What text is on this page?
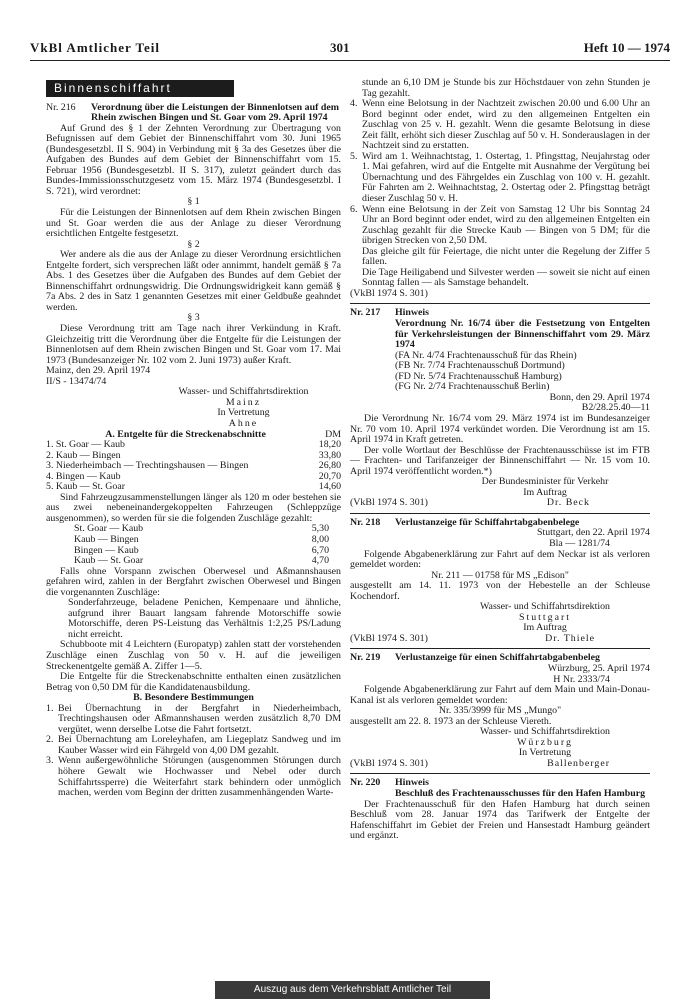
VkBl Amtlicher Teil	301	Heft 10 — 1974
Binnenschiffahrt
Nr. 216	Verordnung über die Leistungen der Binnenlotsen auf dem Rhein zwischen Bingen und St. Goar vom 29. April 1974

Auf Grund des § 1 der Zehnten Verordnung zur Übertragung von Befugnissen auf dem Gebiet der Binnenschiffahrt vom 30. Juni 1965 (Bundesgesetzbl. II S. 904) in Verbindung mit § 3a des Gesetzes über die Aufgaben des Bundes auf dem Gebiet der Binnenschiffahrt vom 15. Februar 1956 (Bundesgesetzbl. II S. 317), zuletzt geändert durch das Bundes-Immissionsschutzgesetz vom 15. März 1974 (Bundesgesetzbl. I S. 721), wird verordnet:

§ 1

Für die Leistungen der Binnenlotsen auf dem Rhein zwischen Bingen und St. Goar werden die aus der Anlage zu dieser Verordnung ersichtlichen Entgelte festgesetzt.

§ 2

Wer andere als die aus der Anlage zu dieser Verordnung ersichtlichen Entgelte fordert, sich versprechen läßt oder annimmt, handelt gemäß § 7a Abs. 1 des Gesetzes über die Aufgaben des Bundes auf dem Gebiet der Binnenschiffahrt ordnungswidrig. Die Ordnungswidrigkeit kann gemäß § 7a Abs. 2 des in Satz 1 genannten Gesetzes mit einer Geldbuße geahndet werden.

§ 3

Diese Verordnung tritt am Tage nach ihrer Verkündung in Kraft. Gleichzeitig tritt die Verordnung über die Entgelte für die Leistungen der Binnenlotsen auf dem Rhein zwischen Bingen und St. Goar vom 17. Mai 1973 (Bundesanzeiger Nr. 102 vom 2. Juni 1973) außer Kraft.

Mainz, den 29. April 1974

II/S - 13474/74

Wasser- und Schiffahrtsdirektion

Mainz

In Vertretung

Ahne

A. Entgelte für die Streckenabschnitte	DM
1. St. Goar — Kaub	18,20
2. Kaub — Bingen	33,80
3. Niederheimbach — Trechtingshausen — Bingen	26,80
4. Bingen — Kaub	20,70
5. Kaub — St. Goar	14,60

Sind Fahrzeugzusammenstellungen länger als 120 m oder bestehen sie aus zwei nebeneinandergekoppelten Fahrzeugen (Schleppzüge ausgenommen), so werden für sie die folgenden Zuschläge gezahlt:

St. Goar — Kaub	5,30
Kaub — Bingen	8,00
Bingen — Kaub	6,70
Kaub — St. Goar	4,70

Falls ohne Vorspann zwischen Oberwesel und Aßmannshausen gefahren wird, zahlen in der Bergfahrt zwischen Oberwesel und Bingen die vorgenannten Zuschläge:

Sonderfahrzeuge, beladene Penichen, Kempenaare und ähnliche, aufgrund ihrer Bauart langsam fahrende Motorschiffe sowie Motorschiffe, deren PS-Leistung das Verhältnis 1:2,25 PS/Ladung nicht erreicht.

Schubboote mit 4 Leichtern (Europatyp) zahlen statt der vorstehenden Zuschläge einen Zuschlag von 50 v. H. auf die jeweiligen Streckenentgelte gemäß A. Ziffer 1—5.

Die Entgelte für die Streckenabschnitte enthalten einen zusätzlichen Betrag von 0,50 DM für die Kandidatenausbildung.

B. Besondere Bestimmungen

1. Bei Übernachtung in der Bergfahrt in Niederheimbach, Trechtingshausen oder Aßmannshausen werden zusätzlich 8,70 DM vergütet, wenn derselbe Lotse die Fahrt fortsetzt.
2. Bei Übernachtung am Loreleyhafen, am Liegeplatz Sandweg und im Kauber Wasser wird ein Fährgeld von 4,00 DM gezahlt.
3. Wenn außergewöhnliche Störungen (ausgenommen Störungen durch höhere Gewalt wie Hochwasser und Nebel oder durch Schiffahrtssperre) die Weiterfahrt stark behindern oder unmöglich machen, werden vom Beginn der dritten zusammenhängenden Warte-

stunde an 6,10 DM je Stunde bis zur Höchstdauer von zehn Stunden je Tag gezahlt.

4. Wenn eine Belotsung in der Nachtzeit zwischen 20.00 und 6.00 Uhr an Bord beginnt oder endet, wird zu den allgemeinen Entgelten ein Zuschlag von 25 v. H. gezahlt. Wenn die gesamte Belotsung in diese Zeit fällt, erhöht sich dieser Zuschlag auf 50 v. H. Sonderauslagen in der Nachtzeit sind zu erstatten.
5. Wird am 1. Weihnachtstag, 1. Ostertag, 1. Pfingsttag, Neujahrstag oder 1. Mai gefahren, wird auf die Entgelte mit Ausnahme der Vergütung bei Übernachtung und des Fährgeldes ein Zuschlag von 100 v. H. gezahlt. Für Fahrten am 2. Weihnachtstag, 2. Ostertag oder 2. Pfingsttag beträgt dieser Zuschlag 50 v. H.
6. Wenn eine Belotsung in der Zeit von Samstag 12 Uhr bis Sonntag 24 Uhr an Bord beginnt oder endet, wird zu den allgemeinen Entgelten ein Zuschlag gezahlt für die Strecke Kaub — Bingen von 5 DM; für die übrigen Strecken von 2,50 DM.

Das gleiche gilt für Feiertage, die nicht unter die Regelung der Ziffer 5 fallen.

Die Tage Heiligabend und Silvester werden — soweit sie nicht auf einen Sonntag fallen — als Samstage behandelt.

(VkBl 1974 S. 301)

Nr. 217	Hinweis

Verordnung Nr. 16/74 über die Festsetzung von Entgelten für Verkehrsleistungen der Binnenschiffahrt vom 29. März 1974

(FA Nr. 4/74 Frachtenausschuß für das Rhein)

(FB Nr. 7/74 Frachtenausschuß Dortmund)

(FD Nr. 5/74 Frachtenausschuß Hamburg)

(FG Nr. 2/74 Frachtenausschuß Berlin)

Bonn, den 29. April 1974

B2/28.25.40—11

Die Verordnung Nr. 16/74 vom 29. März 1974 ist im Bundesanzeiger Nr. 70 vom 10. April 1974 verkündet worden. Die Verordnung ist am 15. April 1974 in Kraft getreten.

Der volle Wortlaut der Beschlüsse der Frachtenausschüsse ist im FTB — Frachten- und Tarifanzeiger der Binnenschiffahrt — Nr. 15 vom 10. April 1974 veröffentlicht worden.*)

Der Bundesminister für Verkehr

Im Auftrag

(VkBl 1974 S. 301)	Dr. Beck
Nr. 218	Verlustanzeige für Schiffahrtabgabenbelege

Stuttgart, den 22. April 1974

Bla — 1281/74

Folgende Abgabenerklärung zur Fahrt auf dem Neckar ist als verloren gemeldet worden:

Nr. 211 — 01758 für MS „Edison"

ausgestellt am 14. 11. 1973 von der Hebestelle an der Schleuse Kochendorf.

Wasser- und Schiffahrtsdirektion

Stuttgart

Im Auftrag

(VkBl 1974 S. 301)	Dr. Thiele
Nr. 219	Verlustanzeige für einen Schiffahrtabgabenbeleg

Würzburg, 25. April 1974

H Nr. 2333/74

Folgende Abgabenerklärung zur Fahrt auf dem Main und Main-Donau-Kanal ist als verloren gemeldet worden:

Nr. 335/3999 für MS „Mungo"

ausgestellt am 22. 8. 1973 an der Schleuse Viereth.

Wasser- und Schiffahrtsdirektion

Würzburg

In Vertretung

(VkBl 1974 S. 301)	Ballenberger
Nr. 220	Hinweis

Beschluß des Frachtenausschusses für den Hafen Hamburg

Der Frachtenausschuß für den Hafen Hamburg hat durch seinen Beschluß vom 28. Januar 1974 das Tarifwerk der Entgelte der Hafenschiffahrt im Gebiet der Freien und Hansestadt Hamburg geändert und ergänzt.

Auszug aus dem Verkehrsblatt Amtlicher Teil
